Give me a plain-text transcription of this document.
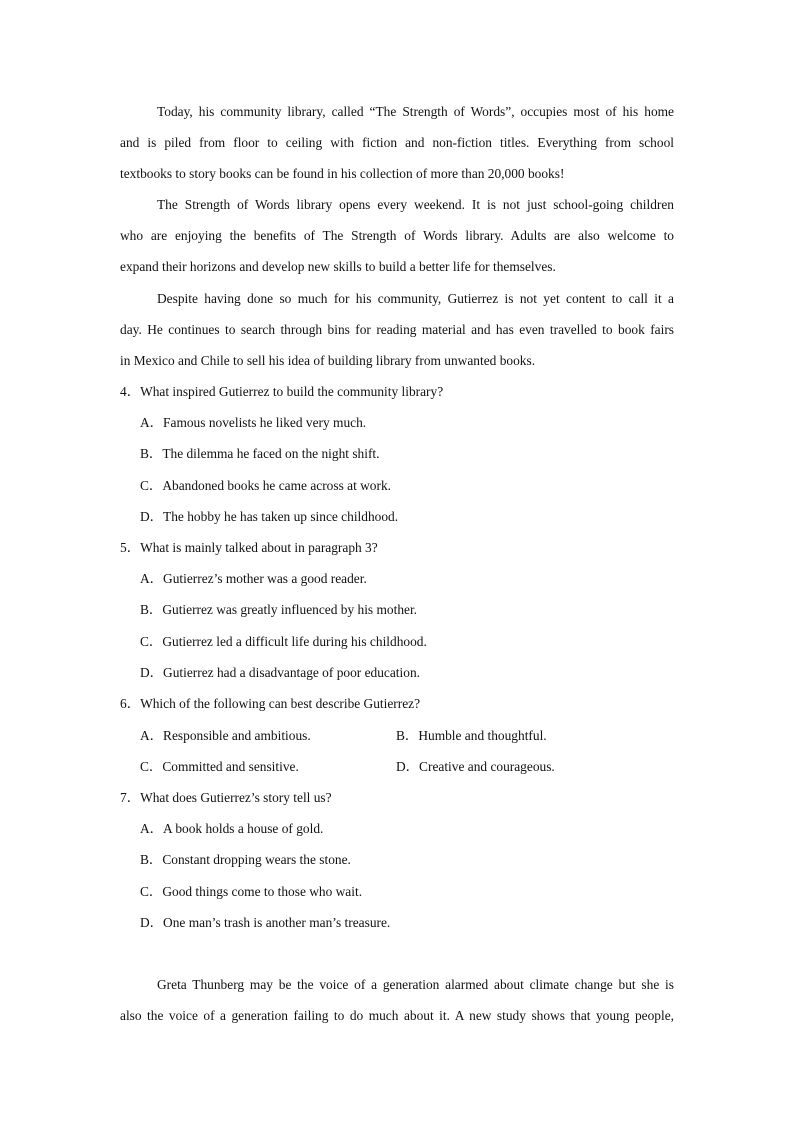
Today, his community library, called “The Strength of Words”, occupies most of his home
and is piled from floor to ceiling with fiction and non-fiction titles. Everything from school
textbooks to story books can be found in his collection of more than 20,000 books!
The Strength of Words library opens every weekend. It is not just school-going children
who are enjoying the benefits of The Strength of Words library. Adults are also welcome to
expand their horizons and develop new skills to build a better life for themselves.
Despite having done so much for his community, Gutierrez is not yet content to call it a
day. He continues to search through bins for reading material and has even travelled to book fairs
in Mexico and Chile to sell his idea of building library from unwanted books.
4．What inspired Gutierrez to build the community library?
A．Famous novelists he liked very much.
B．The dilemma he faced on the night shift.
C．Abandoned books he came across at work.
D．The hobby he has taken up since childhood.
5．What is mainly talked about in paragraph 3?
A．Gutierrez’s mother was a good reader.
B．Gutierrez was greatly influenced by his mother.
C．Gutierrez led a difficult life during his childhood.
D．Gutierrez had a disadvantage of poor education.
6．Which of the following can best describe Gutierrez?
A．Responsible and ambitious.	B．Humble and thoughtful.
C．Committed and sensitive.	D．Creative and courageous.
7．What does Gutierrez’s story tell us?
A．A book holds a house of gold.
B．Constant dropping wears the stone.
C．Good things come to those who wait.
D．One man’s trash is another man’s treasure.
Greta Thunberg may be the voice of a generation alarmed about climate change but she is
also the voice of a generation failing to do much about it. A new study shows that young people,
